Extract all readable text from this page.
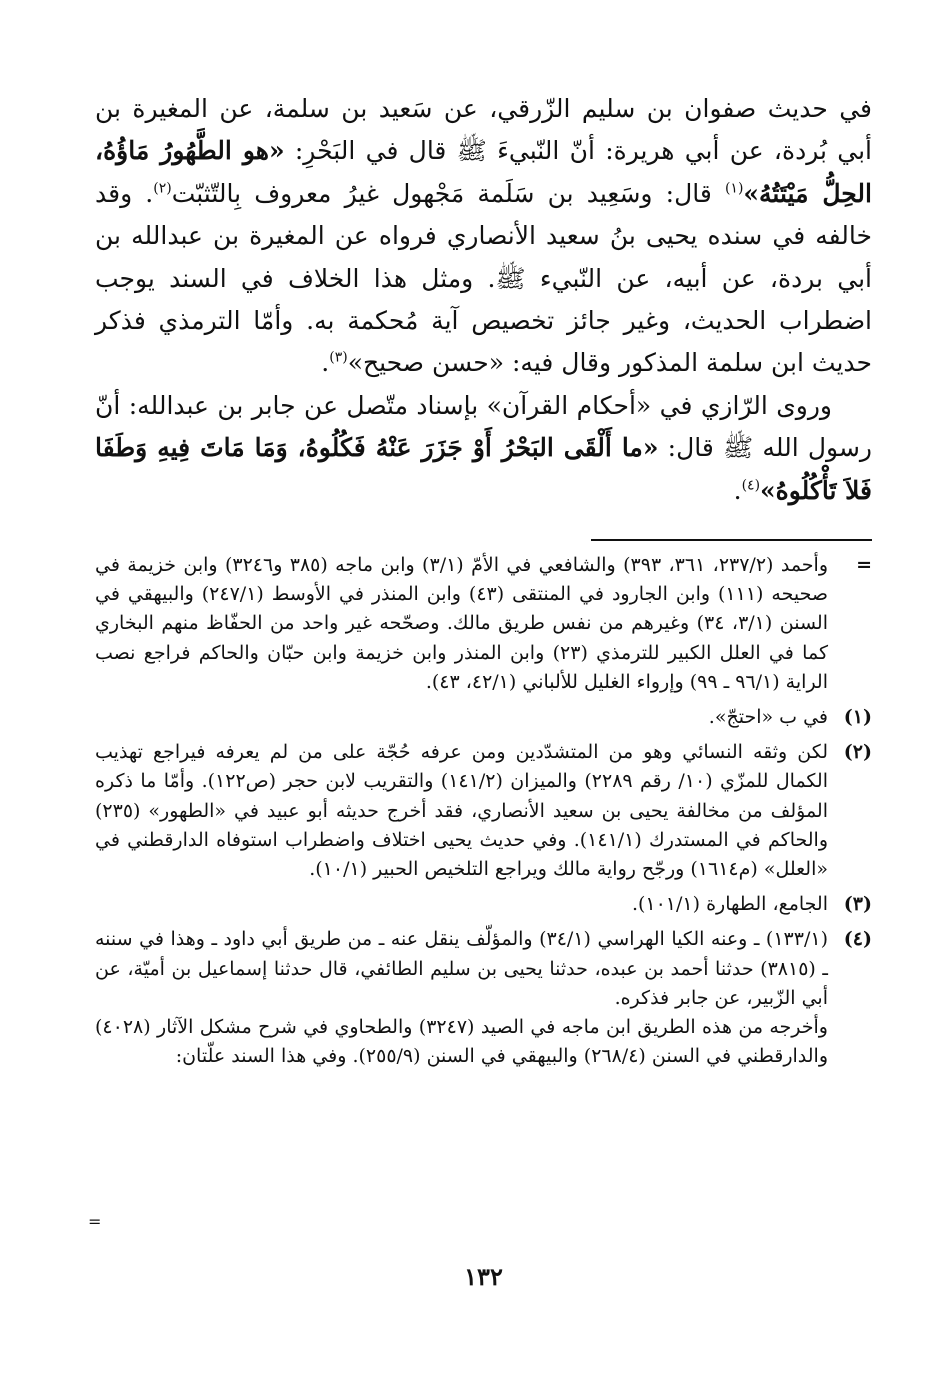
في حديث صفوان بن سليم الزّرقي، عن سَعيد بن سلمة، عن المغيرة بن أبي بُردة، عن أبي هريرة: أنّ النّبيءَ ﷺ قال في البَحْرِ: «هو الطَّهُورُ مَاؤُهُ، الحِلُّ مَيْتَتُهُ»$^{(١)}$ قال: وسَعِيد بن سَلَمة مَجْهول غيرُ معروف بِالتّثبّت$^{(٢)}$. وقد خالفه في سنده يحيى بنُ سعيد الأنصاري فرواه عن المغيرة بن عبدالله بن أبي بردة، عن أبيه، عن النّبيء ﷺ. ومثل هذا الخلاف في السند يوجب اضطراب الحديث، وغير جائز تخصيص آية مُحكمة به. وأمّا الترمذي فذكر حديث ابن سلمة المذكور وقال فيه: «حسن صحيح»$^{(٣)}$.

وروى الرّازي في «أحكام القرآن» بإسناد متّصل عن جابر بن عبدالله: أنّ رسول الله ﷺ قال: «ما أَلْقَى البَحْرُ أَوْ جَزَرَ عَنْهُ فَكُلُوهُ، وَمَا مَاتَ فِيهِ وَطَفَا فَلاَ تَأْكُلُوهُ»$^{(٤)}$.

=

وأحمد (٢٣٧/٢، ٣٦١، ٣٩٣) والشافعي في الأمّ (٣/١) وابن ماجه (٣٨٥ و٣٢٤٦) وابن خزيمة في صحيحه (١١١) وابن الجارود في المنتقى (٤٣) وابن المنذر في الأوسط (٢٤٧/١) والبيهقي في السنن (٣/١، ٣٤) وغيرهم من نفس طريق مالك. وصحّحه غير واحد من الحفّاظ منهم البخاري كما في العلل الكبير للترمذي (٢٣) وابن المنذر وابن خزيمة وابن حبّان والحاكم فراجع نصب الراية (٩٦/١ ـ ٩٩) وإرواء الغليل للألباني (٤٢/١، ٤٣).

(١)

في ب «احتجّ».

(٢)

لكن وثقه النسائي وهو من المتشدّدين ومن عرفه حُجّة على من لم يعرفه فيراجع تهذيب الكمال للمزّي (١٠/ رقم ٢٢٨٩) والميزان (١٤١/٢) والتقريب لابن حجر (ص١٢٢). وأمّا ما ذكره المؤلف من مخالفة يحيى بن سعيد الأنصاري، فقد أخرج حديثه أبو عبيد في «الطهور» (٢٣٥) والحاكم في المستدرك (١٤١/١). وفي حديث يحيى اختلاف واضطراب استوفاه الدارقطني في «العلل» (م١٦١٤) ورجّح رواية مالك ويراجع التلخيص الحبير (١٠/١).

(٣)

الجامع، الطهارة (١٠١/١).

(٤)

(١٣٣/١) ـ وعنه الكيا الهراسي (٣٤/١) والمؤلّف ينقل عنه ـ من طريق أبي داود ـ وهذا في سننه ـ (٣٨١٥) حدثنا أحمد بن عبده، حدثنا يحيى بن سليم الطائفي، قال حدثنا إسماعيل بن أميّة، عن أبي الزّبير، عن جابر فذكره.

وأخرجه من هذه الطريق ابن ماجه في الصيد (٣٢٤٧) والطحاوي في شرح مشكل الآثار (٤٠٢٨) والدارقطني في السنن (٢٦٨/٤) والبيهقي في السنن (٢٥٥/٩). وفي هذا السند علّتان:

=
١٣٢
